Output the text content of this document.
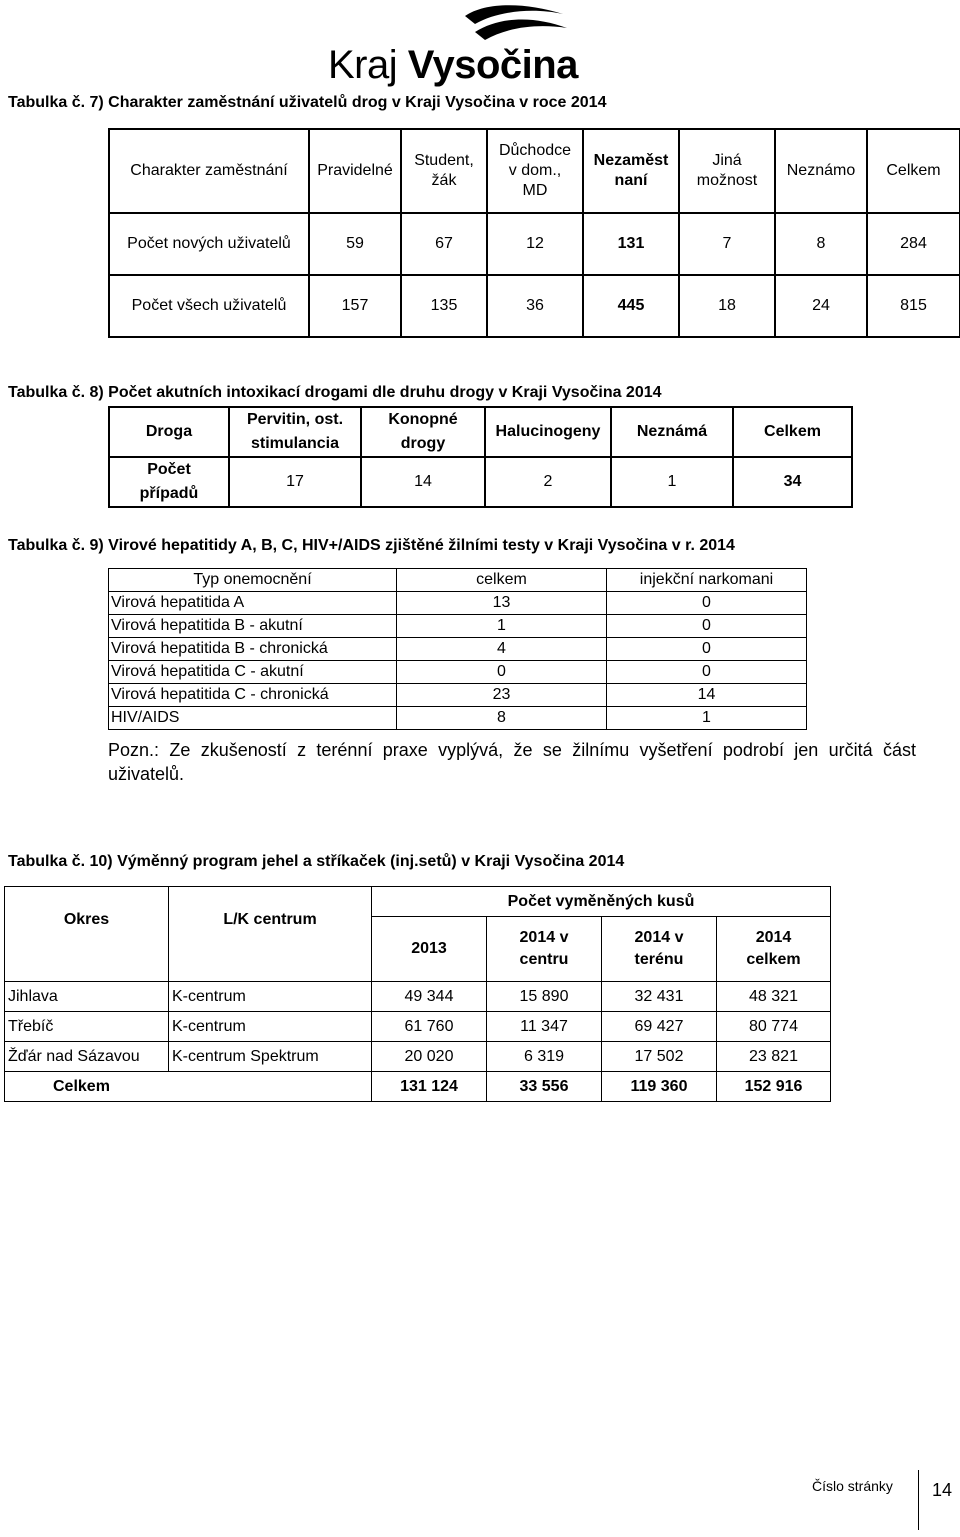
Kraj Vysočina
Tabulka č. 7) Charakter zaměstnání uživatelů drog v Kraji Vysočina v roce 2014
Charakter zaměstnání	Pravidelné	Student, žák	Důchodce v dom., MD	Nezaměstnaní	Jiná možnost	Neznámo	Celkem
Počet nových uživatelů	59	67	12	131	7	8	284
Počet všech uživatelů	157	135	36	445	18	24	815
Tabulka č. 8) Počet akutních intoxikací drogami dle druhu drogy v Kraji Vysočina 2014
Droga	Pervitin, ost. stimulancia	Konopné drogy	Halucinogeny	Neznámá	Celkem
Počet případů	17	14	2	1	34
Tabulka č. 9) Virové hepatitidy A, B, C, HIV+/AIDS zjištěné žilními testy v Kraji Vysočina v r. 2014
Typ onemocnění	celkem	injekční narkomani
Virová hepatitida A	13	0
Virová hepatitida B - akutní	1	0
Virová hepatitida B - chronická	4	0
Virová hepatitida C - akutní	0	0
Virová hepatitida C - chronická	23	14
HIV/AIDS	8	1
Pozn.: Ze zkušeností z terénní praxe vyplývá, že se žilnímu vyšetření podrobí jen určitá část uživatelů.
Tabulka č. 10) Výměnný program jehel a stříkaček (inj.setů) v Kraji Vysočina 2014
Okres	L/K centrum	Počet vyměněných kusů			
		2013	2014 v centru	2014 v terénu	2014 celkem
Jihlava	K-centrum	49 344	15 890	32 431	48 321
Třebíč	K-centrum	61 760	11 347	69 427	80 774
Žďár nad Sázavou	K-centrum Spektrum	20 020	6 319	17 502	23 821
Celkem		131 124	33 556	119 360	152 916
Číslo stránky 14
